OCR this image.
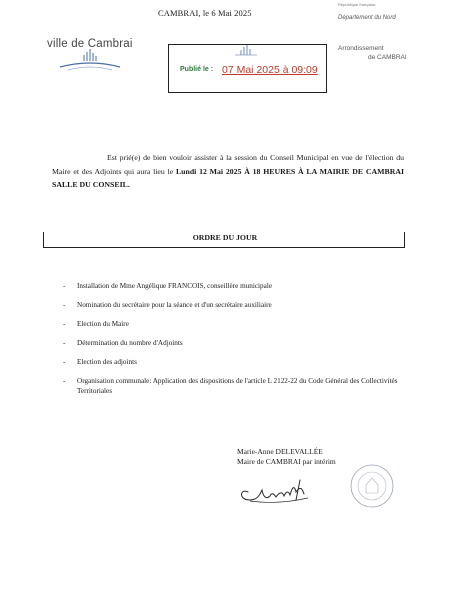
CAMBRAI, le 6 Mai 2025
République française
Département du Nord
Arrondissement
de CAMBRAI
ville de Cambrai
Publié le : 07 Mai 2025 à 09:09
Est prié(e) de bien vouloir assister à la session du Conseil Municipal en vue de l'élection du Maire et des Adjoints qui aura lieu le Lundi 12 Mai 2025 À 18 HEURES À LA MAIRIE DE CAMBRAI SALLE DU CONSEIL.
ORDRE DU JOUR
- Installation de Mme Angélique FRANCOIS, conseillère municipale
- Nomination du secrétaire pour la séance et d'un secrétaire auxiliaire
- Election du Maire
- Détermination du nombre d'Adjoints
- Election des adjoints
- Organisation communale: Application des dispositions de l'article L 2122-22 du Code Général des Collectivités Territoriales
Marie-Anne DELEVALLÉE
Maire de CAMBRAI par intérim
